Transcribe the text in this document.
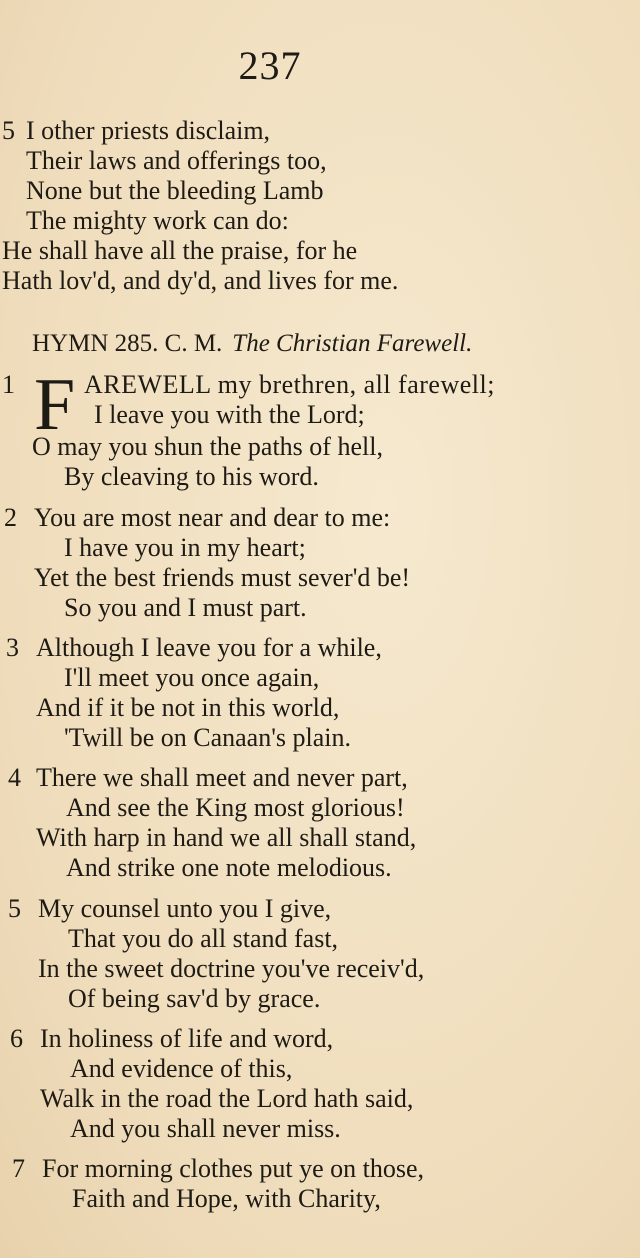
237
5 I other priests disclaim,
Their laws and offerings too,
None but the bleeding Lamb
The mighty work can do:
He shall have all the praise, for he
Hath lov'd, and dy'd, and lives for me.
HYMN 285. C. M. The Christian Farewell.
1 F AREWELL my brethren, all farewell;
I leave you with the Lord;
O may you shun the paths of hell,
By cleaving to his word.
2 You are most near and dear to me:
I have you in my heart;
Yet the best friends must sever'd be!
So you and I must part.
3 Although I leave you for a while,
I'll meet you once again,
And if it be not in this world,
'Twill be on Canaan's plain.
4 There we shall meet and never part,
And see the King most glorious!
With harp in hand we all shall stand,
And strike one note melodious.
5 My counsel unto you I give,
That you do all stand fast,
In the sweet doctrine you've receiv'd,
Of being sav'd by grace.
6 In holiness of life and word,
And evidence of this,
Walk in the road the Lord hath said,
And you shall never miss.
7 For morning clothes put ye on those,
Faith and Hope, with Charity,
